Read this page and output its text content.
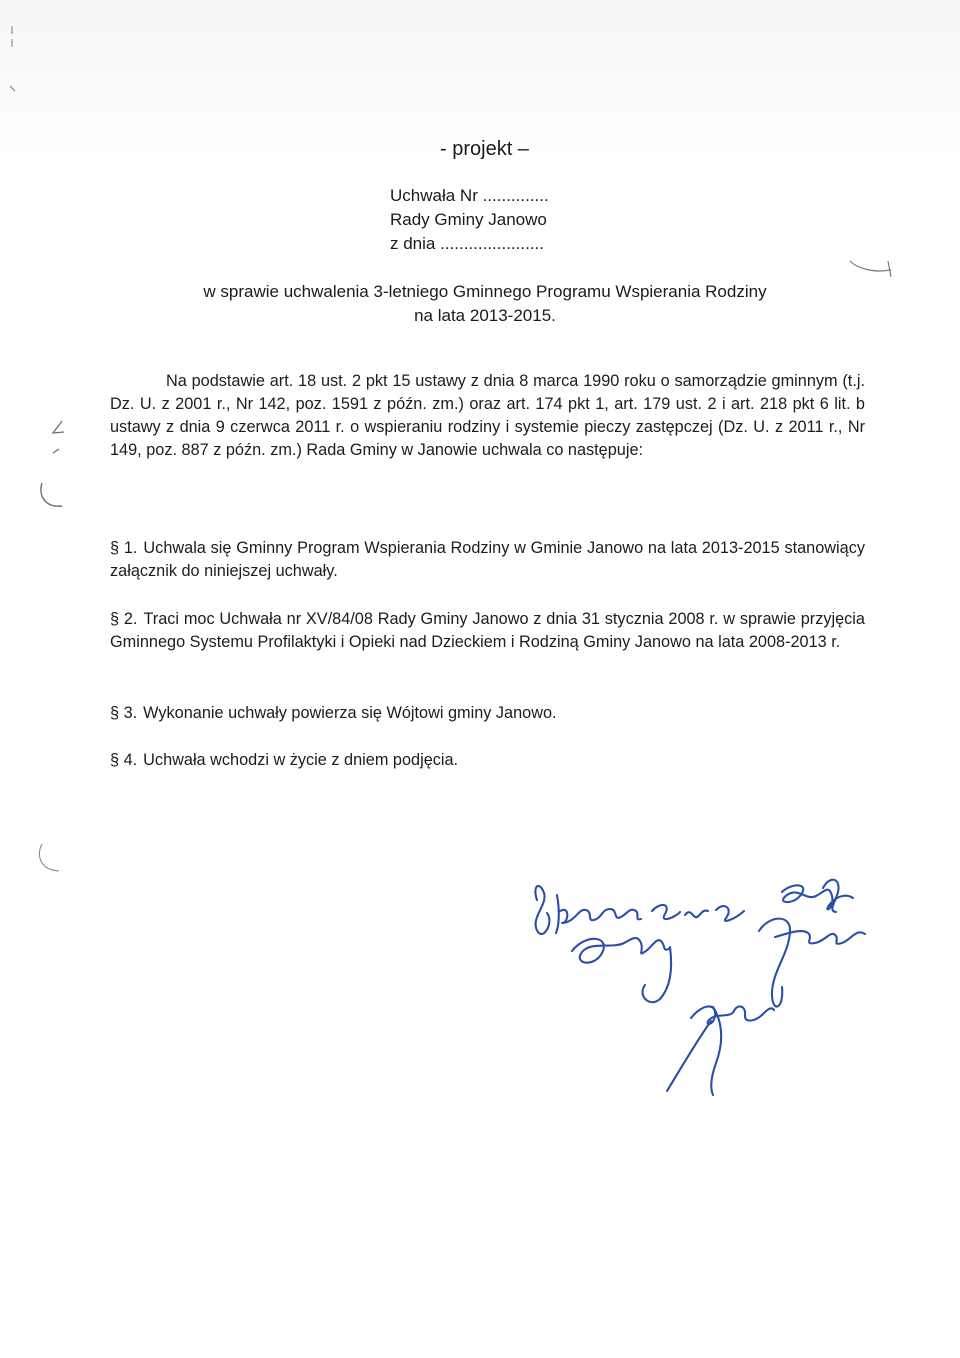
- projekt –
Uchwała Nr ..............
Rady Gminy Janowo
z dnia ......................
w sprawie uchwalenia 3-letniego Gminnego Programu Wspierania Rodziny
na lata 2013-2015.
Na podstawie art. 18 ust. 2 pkt 15 ustawy z dnia 8 marca 1990 roku o samorządzie gminnym (t.j. Dz. U. z 2001 r., Nr 142, poz. 1591 z późn. zm.) oraz art. 174 pkt 1, art. 179 ust. 2 i art. 218 pkt 6 lit. b ustawy z dnia 9 czerwca 2011 r. o wspieraniu rodziny i systemie pieczy zastępczej (Dz. U. z 2011 r., Nr 149, poz. 887 z późn. zm.) Rada Gminy w Janowie uchwala co następuje:
§ 1. Uchwala się Gminny Program Wspierania Rodziny w Gminie Janowo na lata 2013-2015 stanowiący załącznik do niniejszej uchwały.
§ 2. Traci moc Uchwała nr XV/84/08 Rady Gminy Janowo z dnia 31 stycznia 2008 r. w sprawie przyjęcia Gminnego Systemu Profilaktyki i Opieki nad Dzieckiem i Rodziną Gminy Janowo na lata 2008-2013 r.
§ 3. Wykonanie uchwały powierza się Wójtowi gminy Janowo.
§ 4. Uchwała wchodzi w życie z dniem podjęcia.
